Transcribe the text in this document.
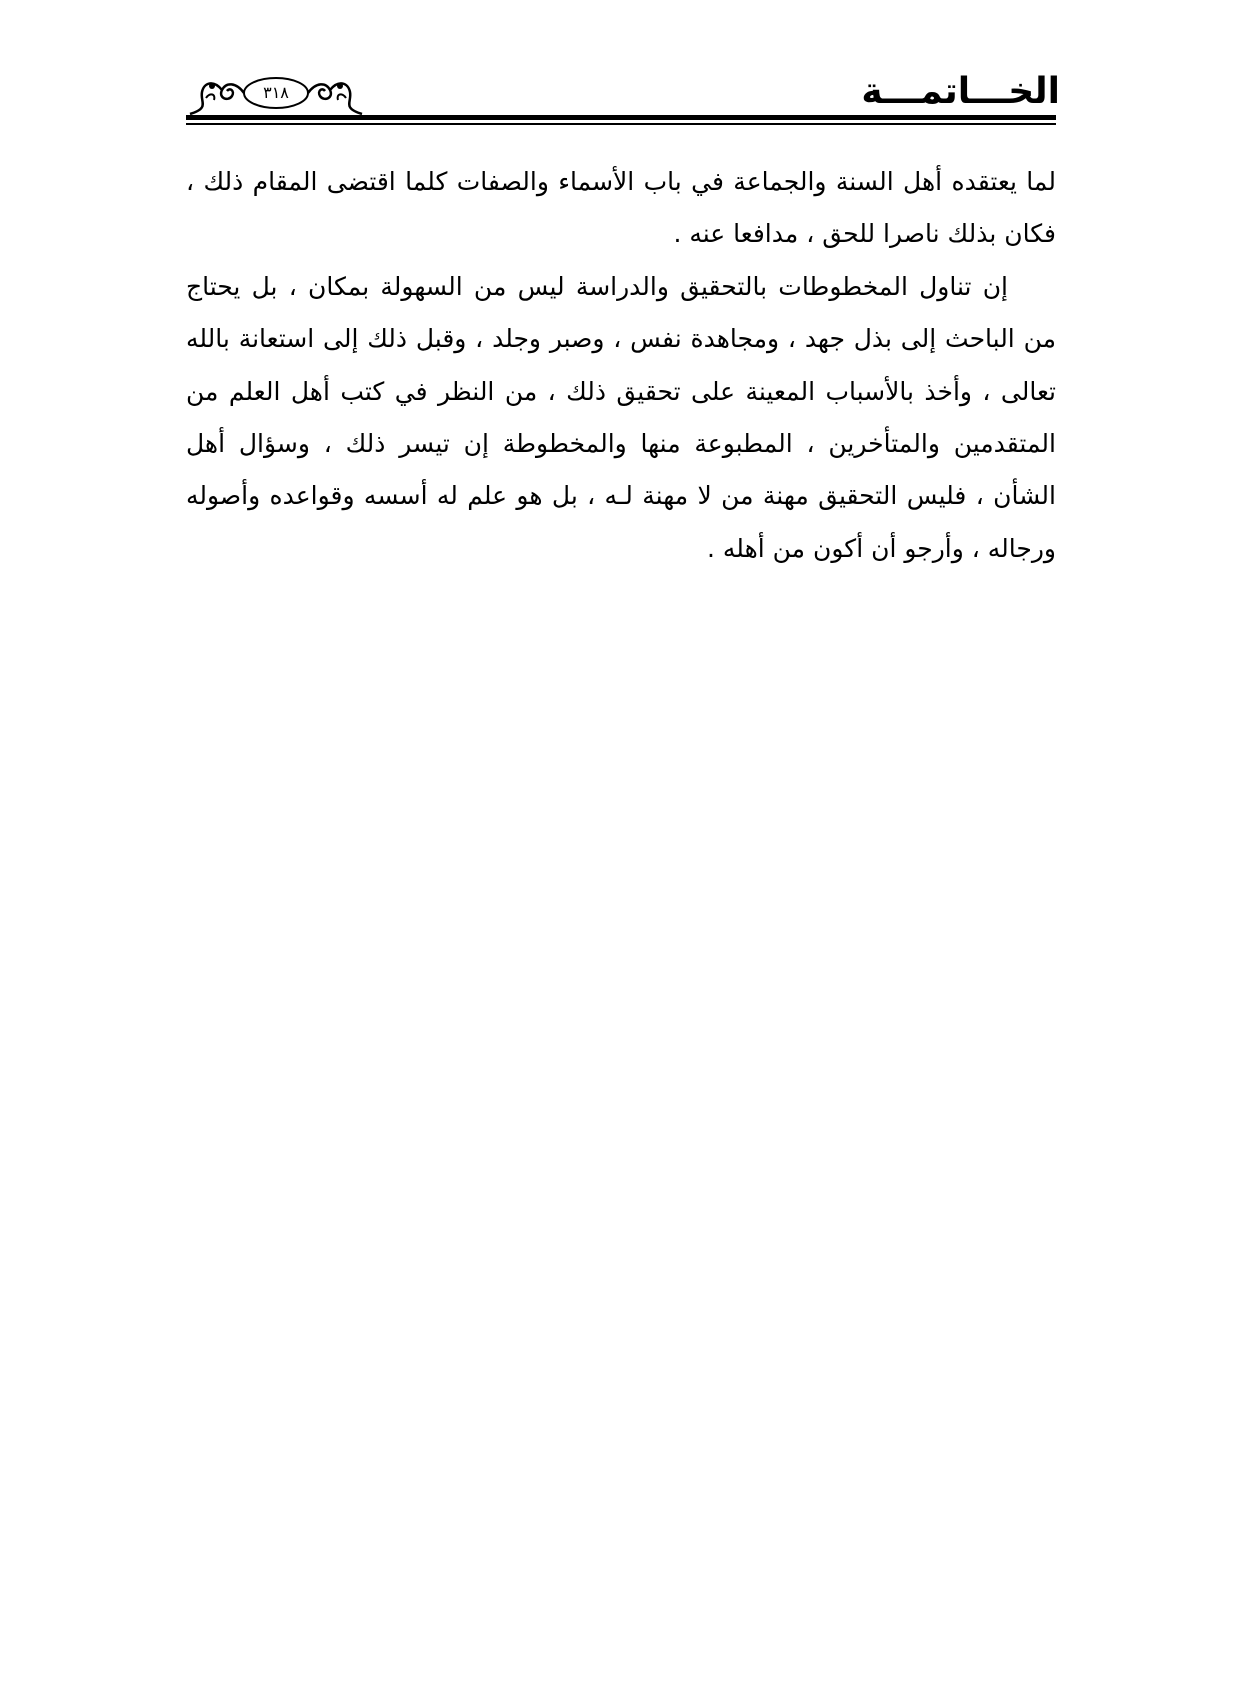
الخـــاتمـــة
٣١٨

لما يعتقده أهل السنة والجماعة في باب الأسماء والصفات كلما اقتضى المقام ذلك ، فكان بذلك ناصرا للحق ، مدافعا عنه .

إن تناول المخطوطات بالتحقيق والدراسة ليس من السهولة بمكان ، بل يحتاج من الباحث إلى بذل جهد ، ومجاهدة نفس ، وصبر وجلد ، وقبل ذلك إلى استعانة بالله تعالى ، وأخذ بالأسباب المعينة على تحقيق ذلك ، من النظر في كتب أهل العلم من المتقدمين والمتأخرين ، المطبوعة منها والمخطوطة إن تيسر ذلك ، وسؤال أهل الشأن ، فليس التحقيق مهنة من لا مهنة لـه ، بل هو علم له أسسه وقواعده وأصوله ورجاله ، وأرجو أن أكون من أهله .
